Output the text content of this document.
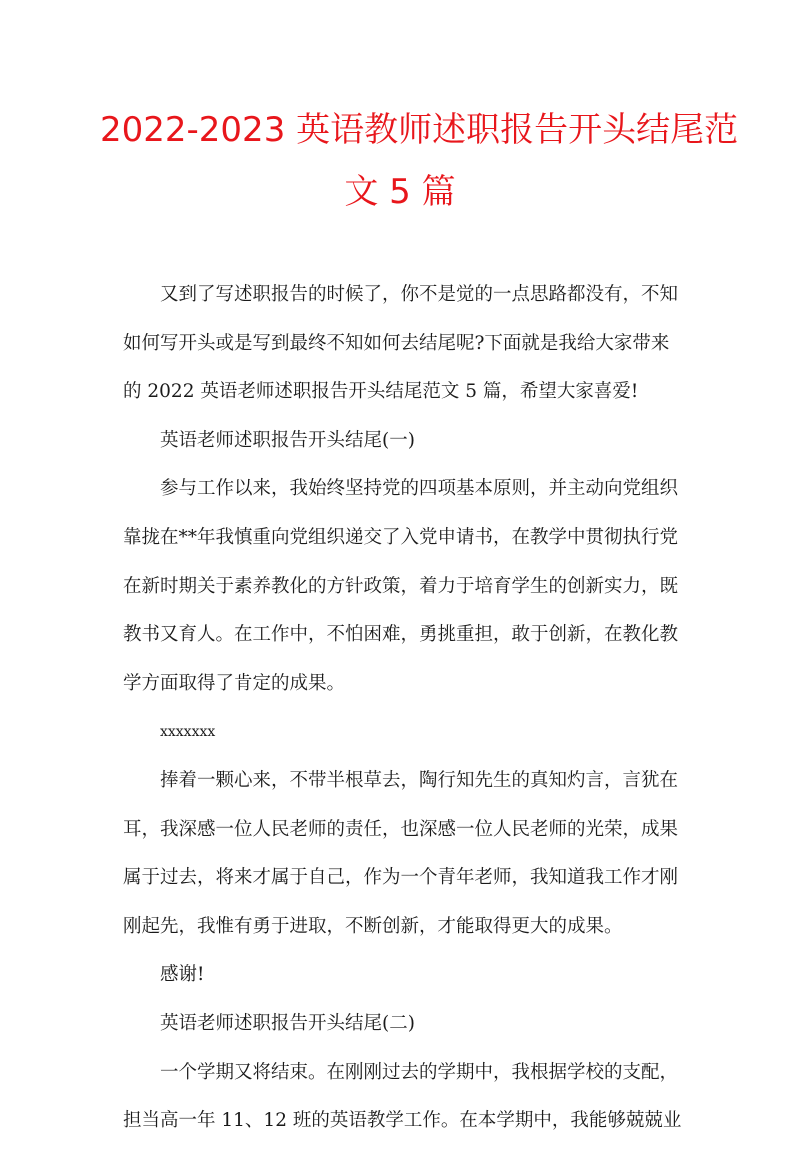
2022-2023 英语教师述职报告开头结尾范
文 5 篇
又到了写述职报告的时候了，你不是觉的一点思路都没有，不知
如何写开头或是写到最终不知如何去结尾呢?下面就是我给大家带来
的 2022 英语老师述职报告开头结尾范文 5 篇，希望大家喜爱!
英语老师述职报告开头结尾(一)
参与工作以来，我始终坚持党的四项基本原则，并主动向党组织
靠拢在**年我慎重向党组织递交了入党申请书，在教学中贯彻执行党
在新时期关于素养教化的方针政策，着力于培育学生的创新实力，既
教书又育人。在工作中，不怕困难，勇挑重担，敢于创新，在教化教
学方面取得了肯定的成果。
xxxxxxx
捧着一颗心来，不带半根草去，陶行知先生的真知灼言，言犹在
耳，我深感一位人民老师的责任，也深感一位人民老师的光荣，成果
属于过去，将来才属于自己，作为一个青年老师，我知道我工作才刚
刚起先，我惟有勇于进取，不断创新，才能取得更大的成果。
感谢!
英语老师述职报告开头结尾(二)
一个学期又将结束。在刚刚过去的学期中，我根据学校的支配，
担当高一年 11、12 班的英语教学工作。在本学期中，我能够兢兢业
